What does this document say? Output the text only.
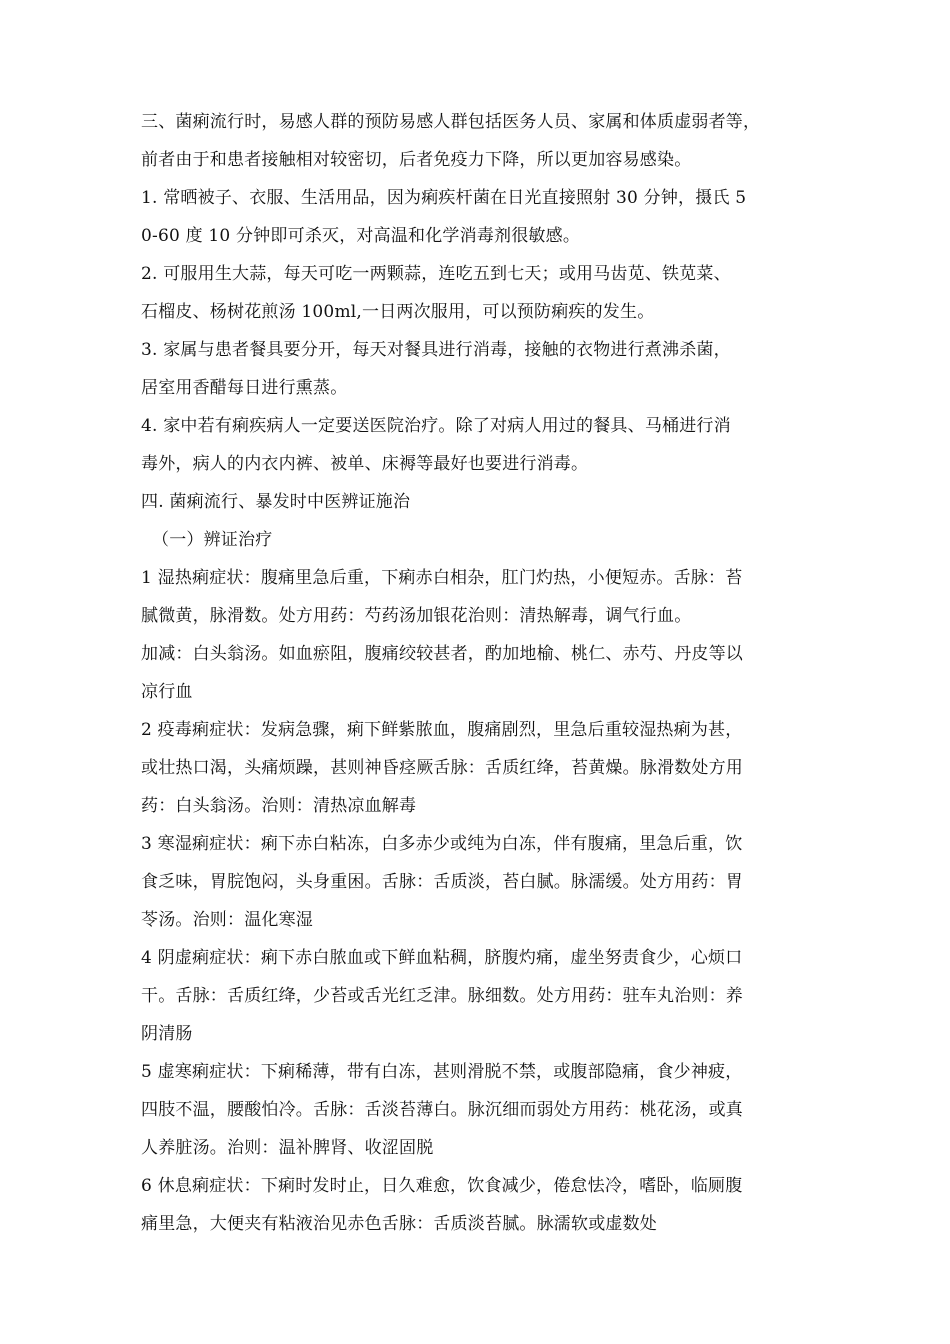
三、菌痢流行时，易感人群的预防易感人群包括医务人员、家属和体质虚弱者等，
前者由于和患者接触相对较密切，后者免疫力下降，所以更加容易感染。
1. 常晒被子、衣服、生活用品，因为痢疾杆菌在日光直接照射 30 分钟，摄氏 5
0-60 度 10 分钟即可杀灭，对高温和化学消毒剂很敏感。
2. 可服用生大蒜，每天可吃一两颗蒜，连吃五到七天；或用马齿苋、铁苋菜、
石榴皮、杨树花煎汤 100ml,一日两次服用，可以预防痢疾的发生。
3. 家属与患者餐具要分开，每天对餐具进行消毒，接触的衣物进行煮沸杀菌，
居室用香醋每日进行熏蒸。
4. 家中若有痢疾病人一定要送医院治疗。除了对病人用过的餐具、马桶进行消
毒外，病人的内衣内裤、被单、床褥等最好也要进行消毒。
四. 菌痢流行、暴发时中医辨证施治
（一）辨证治疗
1 湿热痢症状：腹痛里急后重，下痢赤白相杂，肛门灼热，小便短赤。舌脉：苔
腻微黄，脉滑数。处方用药：芍药汤加银花治则：清热解毒，调气行血。
加减：白头翁汤。如血瘀阻，腹痛绞较甚者，酌加地榆、桃仁、赤芍、丹皮等以
凉行血
2 疫毒痢症状：发病急骤，痢下鲜紫脓血，腹痛剧烈，里急后重较湿热痢为甚，
或壮热口渴，头痛烦躁，甚则神昏痉厥舌脉：舌质红绛，苔黄燥。脉滑数处方用
药：白头翁汤。治则：清热凉血解毒
3 寒湿痢症状：痢下赤白粘冻，白多赤少或纯为白冻，伴有腹痛，里急后重，饮
食乏味，胃脘饱闷，头身重困。舌脉：舌质淡，苔白腻。脉濡缓。处方用药：胃
苓汤。治则：温化寒湿
4 阴虚痢症状：痢下赤白脓血或下鲜血粘稠，脐腹灼痛，虚坐努责食少，心烦口
干。舌脉：舌质红绛，少苔或舌光红乏津。脉细数。处方用药：驻车丸治则：养
阴清肠
5 虚寒痢症状：下痢稀薄，带有白冻，甚则滑脱不禁，或腹部隐痛，食少神疲，
四肢不温，腰酸怕冷。舌脉：舌淡苔薄白。脉沉细而弱处方用药：桃花汤，或真
人养脏汤。治则：温补脾肾、收涩固脱
6 休息痢症状：下痢时发时止，日久难愈，饮食减少，倦怠怯冷，嗜卧，临厕腹
痛里急，大便夹有粘液治见赤色舌脉：舌质淡苔腻。脉濡软或虚数处
